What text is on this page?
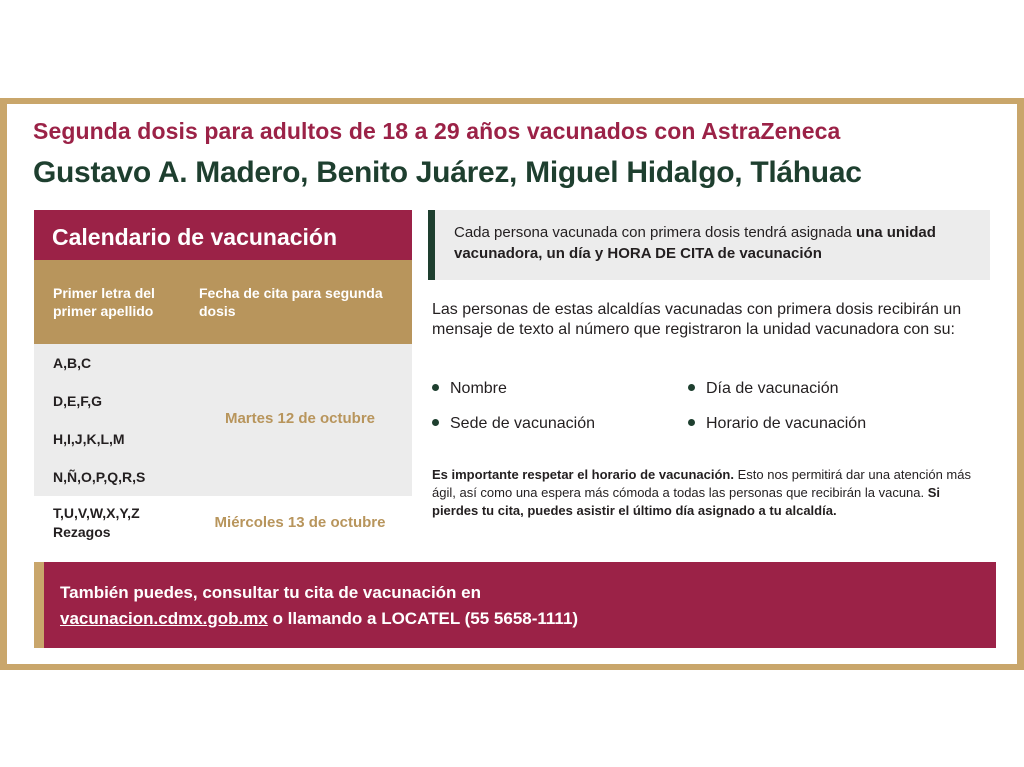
Segunda dosis para adultos de 18 a 29 años vacunados con AstraZeneca
Gustavo A. Madero, Benito Juárez, Miguel Hidalgo, Tláhuac
Calendario de vacunación
Primer letra del primer apellido
Fecha de cita para segunda dosis
A,B,C
D,E,F,G
H,I,J,K,L,M
N,Ñ,O,P,Q,R,S
Martes 12 de octubre
T,U,V,W,X,Y,Z
Rezagos
Miércoles 13 de octubre
Cada persona vacunada con primera dosis tendrá asignada una unidad vacunadora, un día y HORA DE CITA de vacunación
Las personas de estas alcaldías vacunadas con primera dosis recibirán un mensaje de texto al número que registraron la unidad vacunadora con su:
Nombre	Día de vacunación
Sede de vacunación	Horario de vacunación
Es importante respetar el horario de vacunación. Esto nos permitirá dar una atención más ágil, así como una espera más cómoda a todas las personas que recibirán la vacuna. Si pierdes tu cita, puedes asistir el último día asignado a tu alcaldía.
También puedes, consultar tu cita de vacunación en
vacunacion.cdmx.gob.mx o llamando a LOCATEL (55 5658-1111)
